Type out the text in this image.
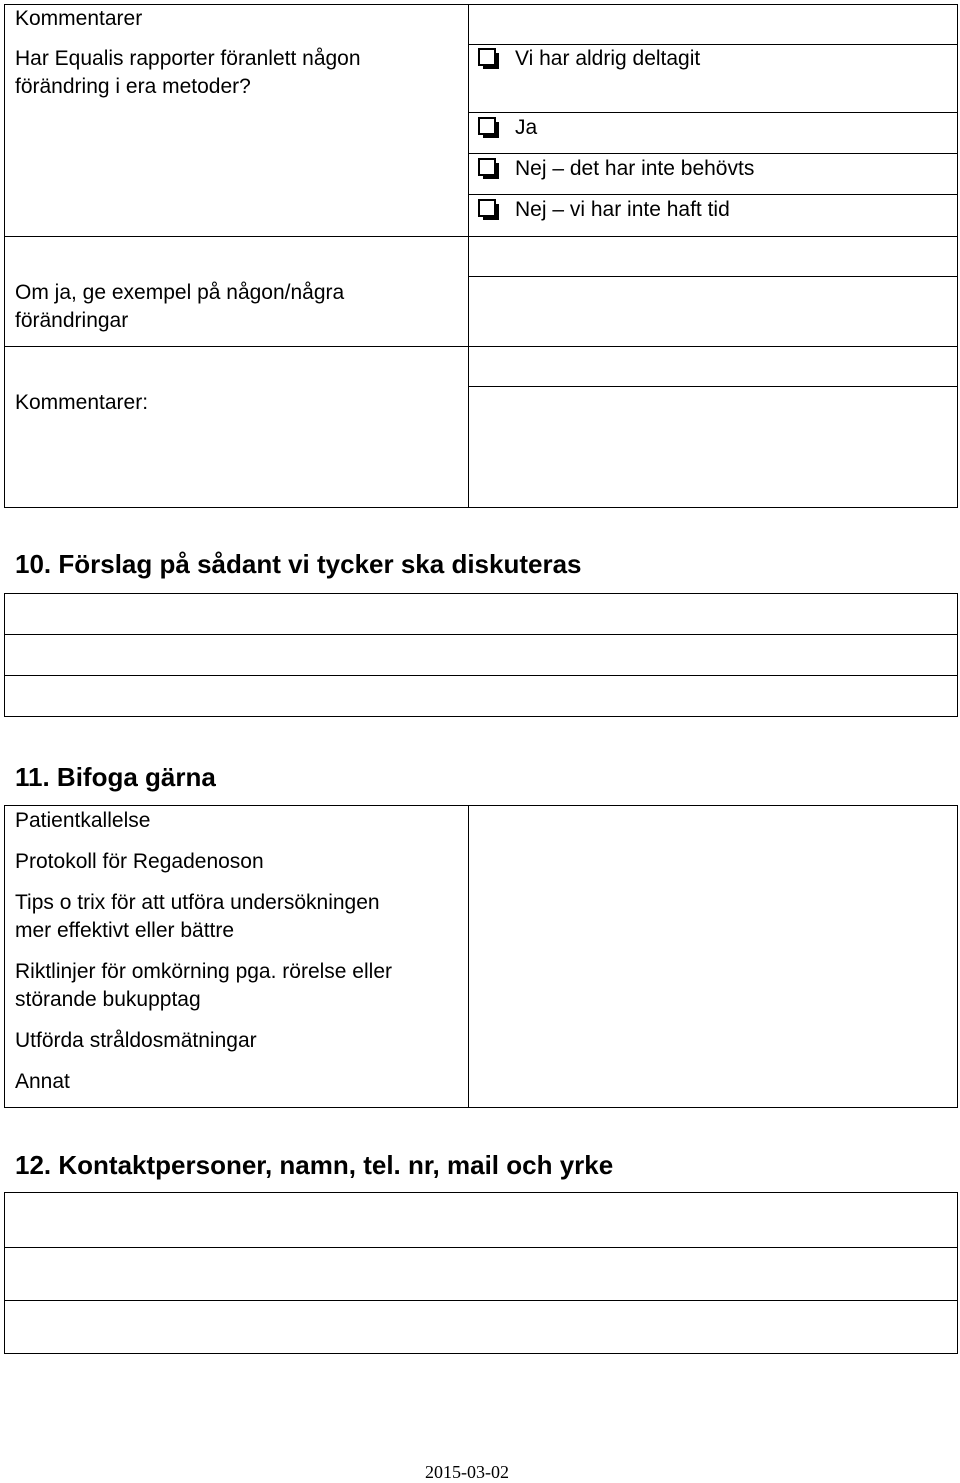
Kommentarer
Har Equalis rapporter föranlett någon
förändring i era metoder?
Om ja, ge exempel på någon/några
förändringar
Kommentarer:
Vi har aldrig deltagit
Ja
Nej – det har inte behövts
Nej – vi har inte haft tid
10. Förslag på sådant vi tycker ska diskuteras
11. Bifoga gärna
Patientkallelse
Protokoll för Regadenoson
Tips o trix för att utföra undersökningen
mer effektivt eller bättre
Riktlinjer för omkörning pga. rörelse eller
störande bukupptag
Utförda stråldosmätningar
Annat
12. Kontaktpersoner, namn, tel. nr, mail och yrke
2015-03-02
